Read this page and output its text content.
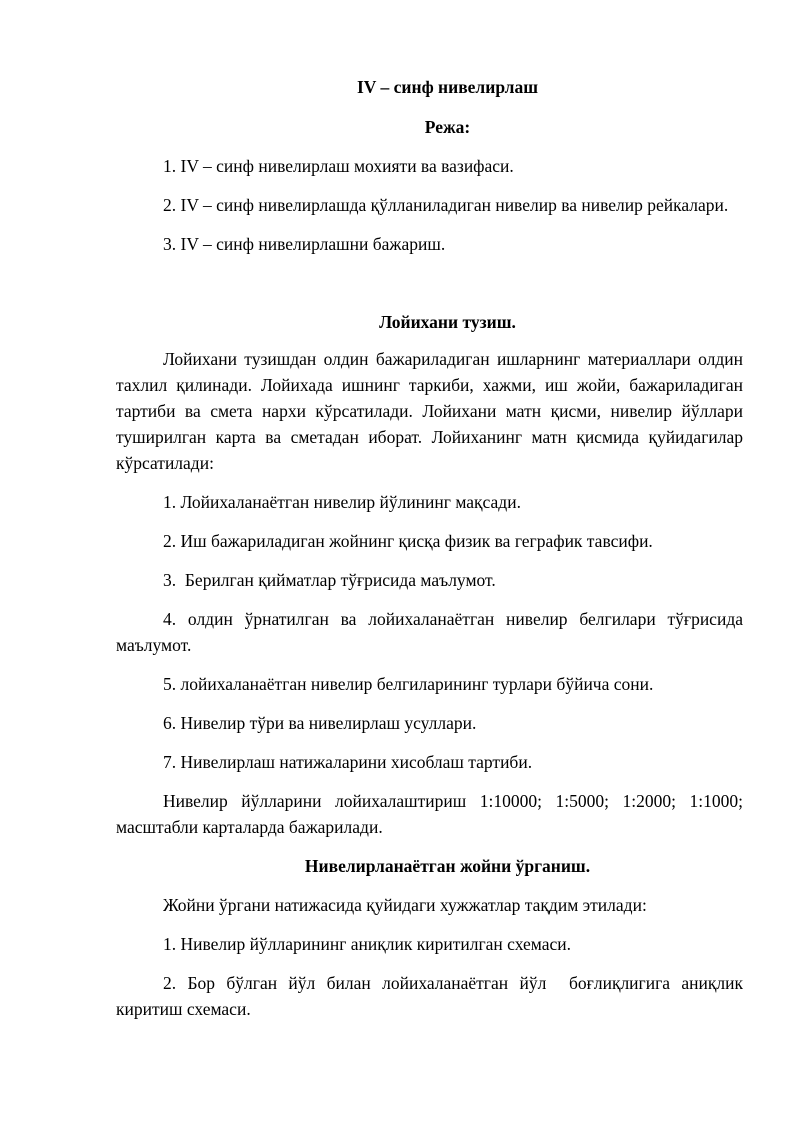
IV – синф нивелирлаш

Режа:

1. IV – синф нивелирлаш мохияти ва вазифаси.

2. IV – синф нивелирлашда қўлланиладиган нивелир ва нивелир рейкалари.

3. IV – синф нивелирлашни бажариш.

Лойихани тузиш.

Лойихани тузишдан олдин бажариладиган ишларнинг материаллари олдин тахлил қилинади. Лойихада ишнинг таркиби, хажми, иш жойи, бажариладиган тартиби ва смета нархи кўрсатилади. Лойихани матн қисми, нивелир йўллари туширилган карта ва сметадан иборат. Лойиханинг матн қисмида қуйидагилар кўрсатилади:

1. Лойихаланаётган нивелир йўлининг мақсади.

2. Иш бажариладиган жойнинг қисқа физик ва геграфик тавсифи.

3.  Берилган қийматлар тўғрисида маълумот.

4. олдин ўрнатилган ва лойихаланаётган нивелир белгилари тўғрисида маълумот.

5. лойихаланаётган нивелир белгиларининг турлари бўйича сони.

6. Нивелир тўри ва нивелирлаш усуллари.

7. Нивелирлаш натижаларини хисоблаш тартиби.

Нивелир йўлларини лойихалаштириш 1:10000; 1:5000; 1:2000; 1:1000; масштабли карталарда бажарилади.

Нивелирланаётган жойни ўрганиш.

Жойни ўргани натижасида қуйидаги хужжатлар тақдим этилади:

1. Нивелир йўлларининг аниқлик киритилган схемаси.

2. Бор бўлган йўл билан лойихаланаётган йўл  боғлиқлигига аниқлик киритиш схемаси.
